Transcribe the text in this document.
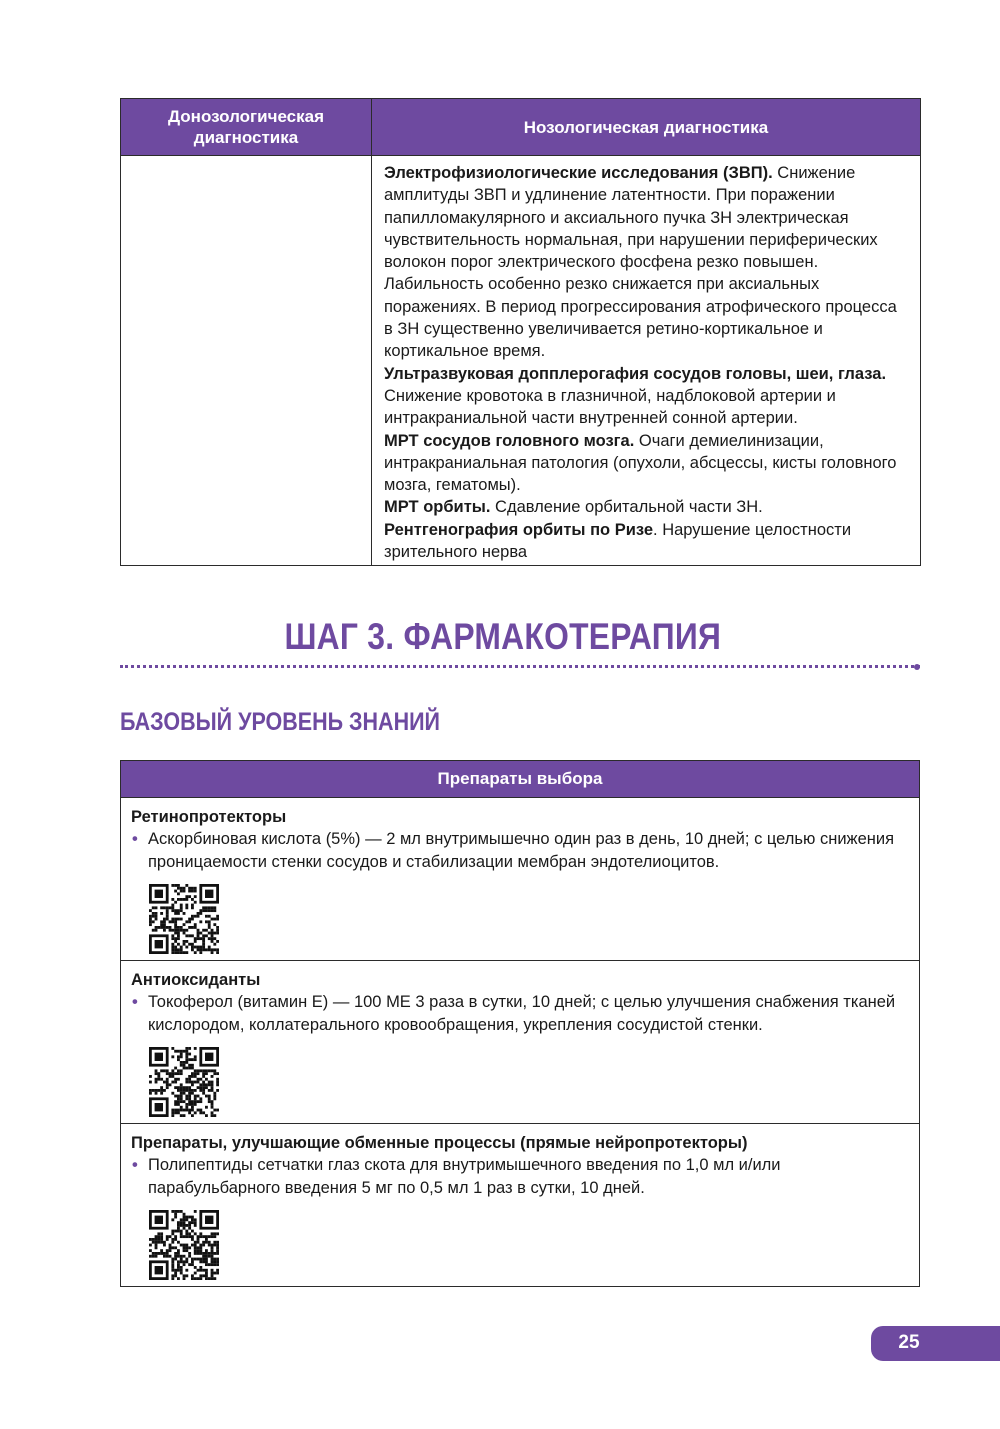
Донозологическая диагностика	Нозологическая диагностика

	Электрофизиологические исследования (ЗВП). Снижение амплитуды ЗВП и удлинение латентности. При поражении папилломакулярного и аксиального пучка ЗН электрическая чувствительность нормальная, при нарушении периферических волокон порог электрического фосфена резко повышен. Лабильность особенно резко снижается при аксиальных поражениях. В период прогрессирования атрофического процесса в ЗН существенно увеличивается ретино-кортикальное и кортикальное время.
Ультразвуковая допплерогафия сосудов головы, шеи, глаза. Снижение кровотока в глазничной, надблоковой артерии и интракраниальной части внутренней сонной артерии.
МРТ сосудов головного мозга. Очаги демиелинизации, интракраниальная патология (опухоли, абсцессы, кисты головного мозга, гематомы).
МРТ орбиты. Сдавление орбитальной части ЗН.
Рентгенография орбиты по Ризе. Нарушение целостности зрительного нерва
ШАГ 3. ФАРМАКОТЕРАПИЯ
БАЗОВЫЙ УРОВЕНЬ ЗНАНИЙ
Препараты выбора

Ретинопротекторы
• Аскорбиновая кислота (5%) — 2 мл внутримышечно один раз в день, 10 дней; с целью снижения проницаемости стенки сосудов и стабилизации мембран эндотелиоцитов.

Антиоксиданты
• Токоферол (витамин Е) — 100 МЕ 3 раза в сутки, 10 дней; с целью улучшения снабжения тканей кислородом, коллатерального кровообращения, укрепления сосудистой стенки.

Препараты, улучшающие обменные процессы (прямые нейропротекторы)
• Полипептиды сетчатки глаз скота для внутримышечного введения по 1,0 мл и/или парабульбарного введения 5 мг по 0,5 мл 1 раз в сутки, 10 дней.
25
